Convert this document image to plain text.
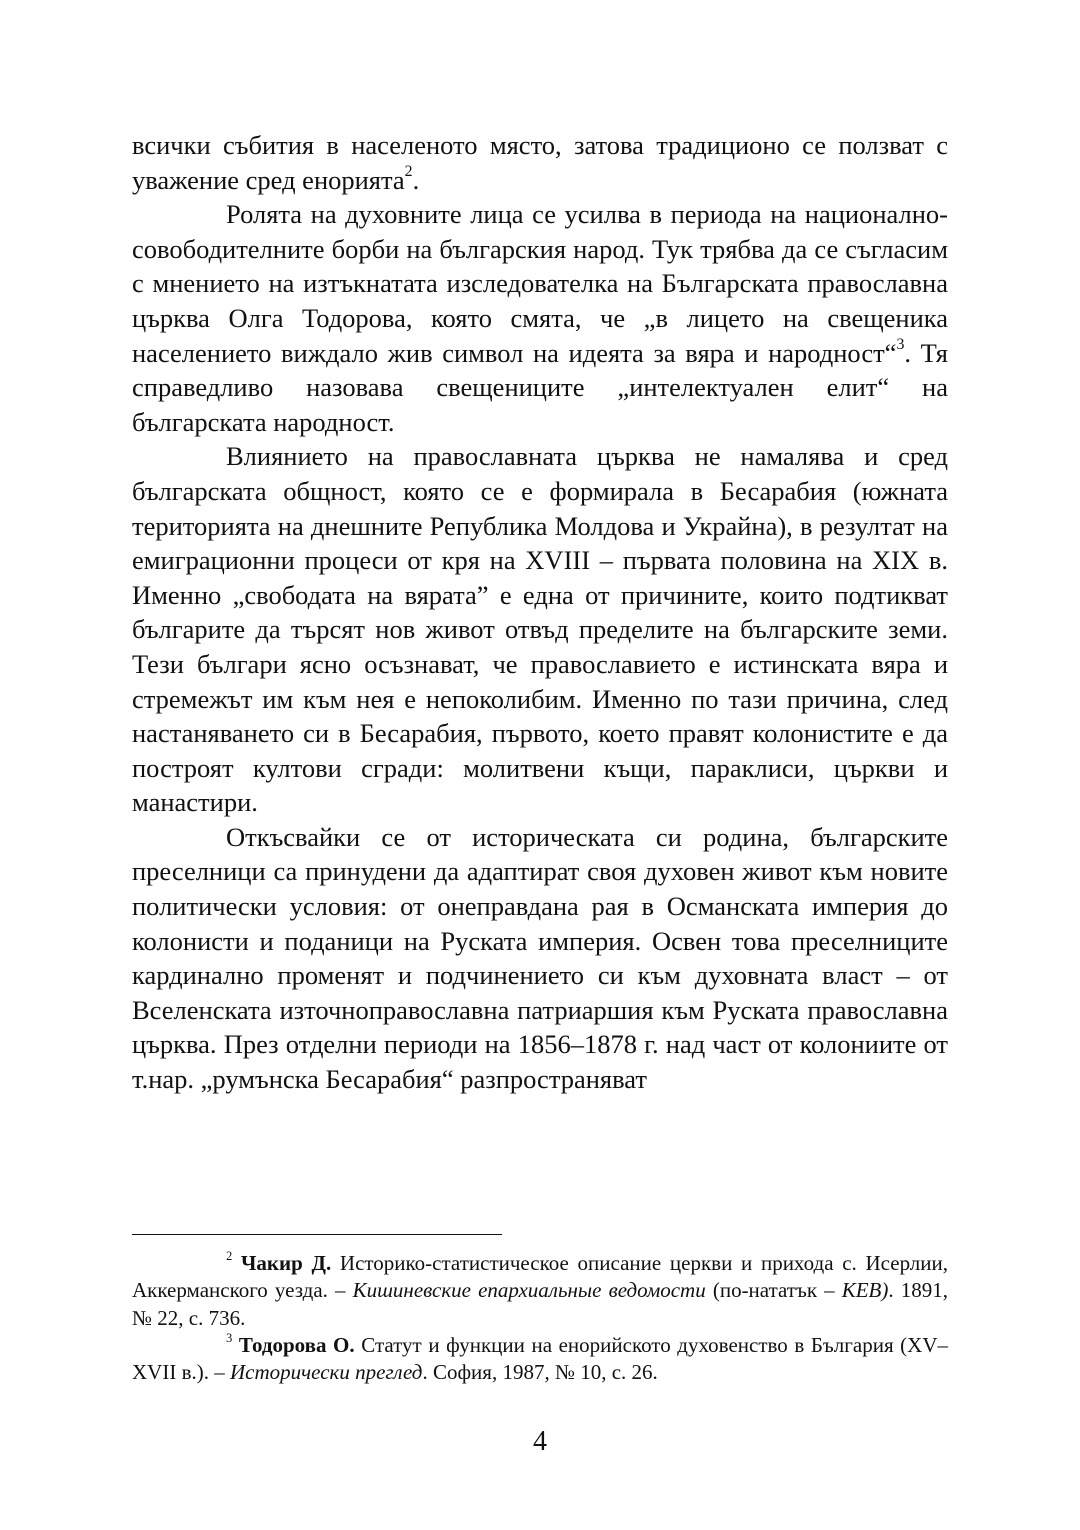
всички събития в населеното място, затова традиционо се ползват с уважение сред енорията$^2$.

Ролята на духовните лица се усилва в периода на национално-совободителните борби на българския народ. Тук трябва да се съгласим с мнението на изтъкнатата изследователка на Българската православна църква Олга Тодорова, която смята, че „в лицето на свещеника населението виждало жив символ на идеята за вяра и народност“$^3$. Тя справедливо назовава свещениците „интелектуален елит“ на българската народност.

Влиянието на православната църква не намалява и сред българската общност, която се е формирала в Бесарабия (южната територията на днешните Република Молдова и Украйна), в резултат на емиграционни процеси от кря на XVIII – първата половина на XIX в. Именно „свободата на вярата” е една от причините, които подтикват българите да търсят нов живот отвъд пределите на българските земи. Тези българи ясно осъзнават, че православието е истинската вяра и стремежът им към нея е непоколибим. Именно по тази причина, след настаняването си в Бесарабия, първото, което правят колонистите е да построят култови сгради: молитвени къщи, параклиси, църкви и манастири.

Откъсвайки се от историческата си родина, българските преселници са принудени да адаптират своя духовен живот към новите политически условия: от онеправдана рая в Османската империя до колонисти и поданици на Руската империя. Освен това преселниците кардинално променят и подчинението си към духовната власт – от Вселенската източноправославна патриаршия към Руската православна църква. През отделни периоди на 1856–1878 г. над част от колониите от т.нар. „румънска Бесарабия“ разпространяват

$^2$ Чакир Д. Историко-статистическое описание церкви и прихода с. Исерлии, Аккерманского уезда. – Кишиневские епархиальные ведомости (по-нататък – КЕВ). 1891, № 22, с. 736.

$^3$ Тодорова О. Статут и функции на енорийското духовенство в България (XV–XVII в.). – Исторически преглед. София, 1987, № 10, с. 26.

4
